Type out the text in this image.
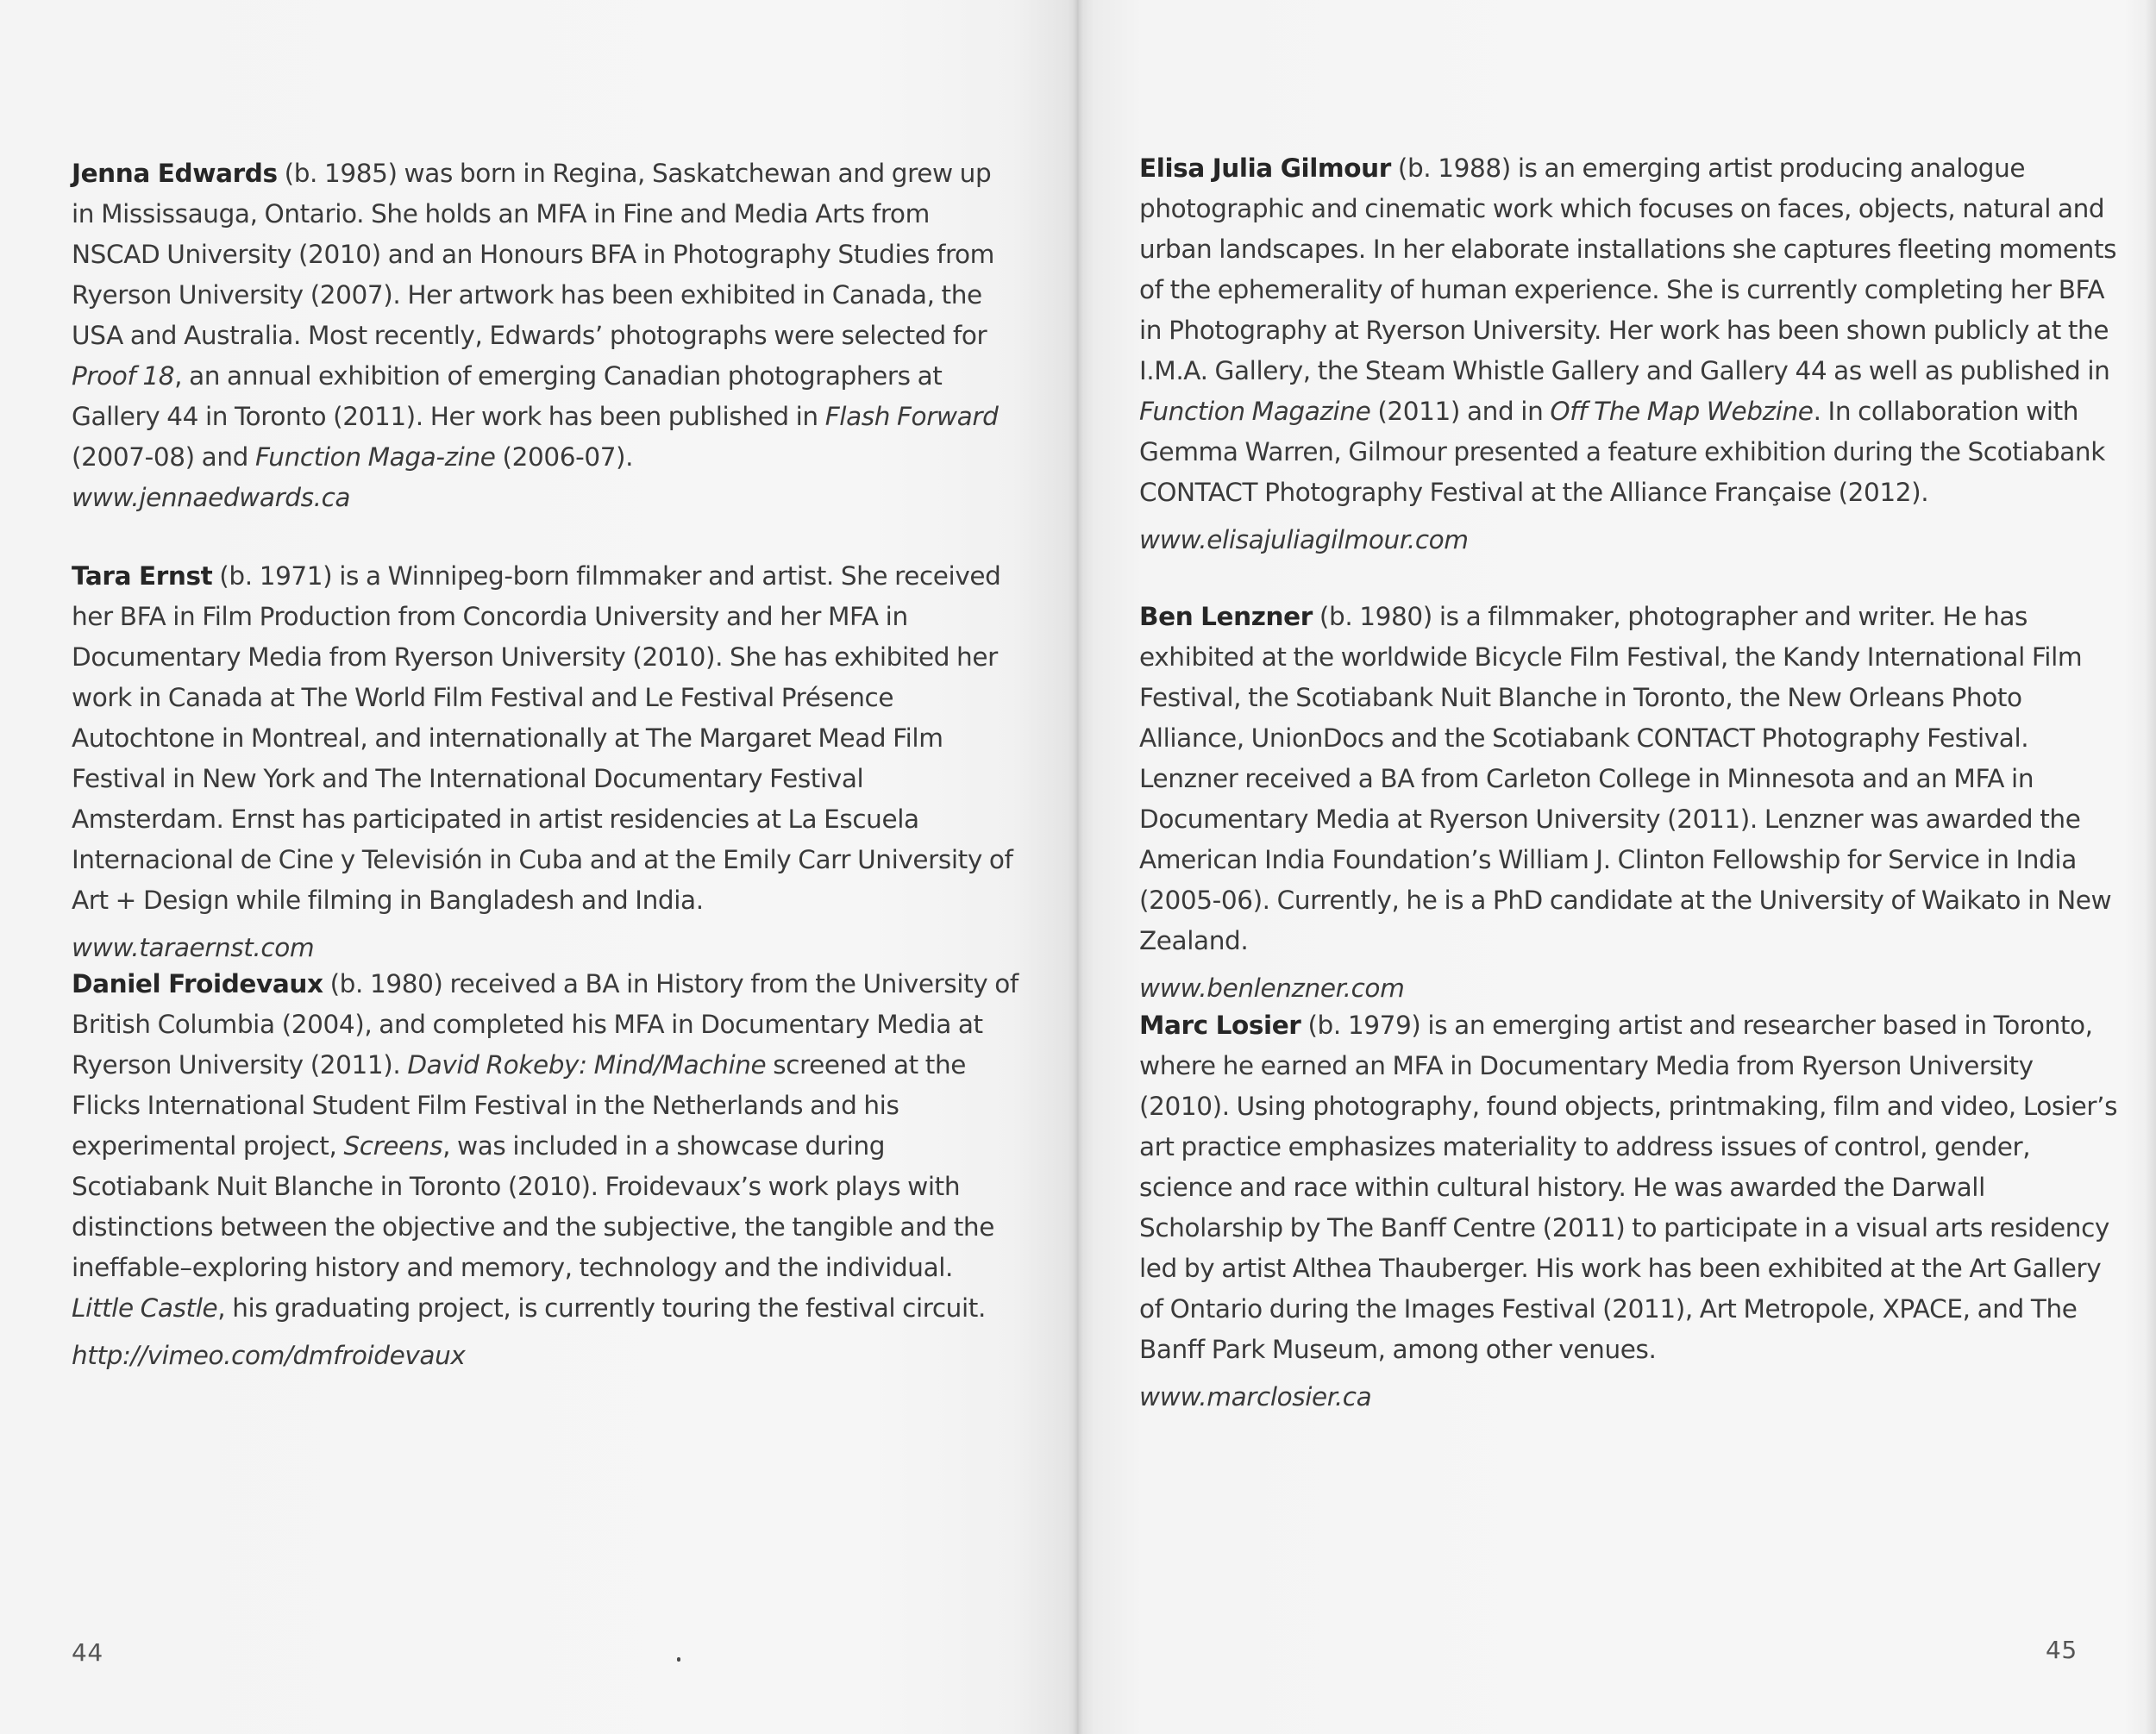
Jenna Edwards (b. 1985) was born in Regina, Saskatchewan and grew up in Mississauga, Ontario. She holds an MFA in Fine and Media Arts from NSCAD University (2010) and an Honours BFA in Photography Studies from Ryerson University (2007). Her artwork has been exhibited in Canada, the USA and Australia. Most recently, Edwards’ photographs were selected for Proof 18, an annual exhibition of emerging Canadian photographers at Gallery 44 in Toronto (2011). Her work has been published in Flash Forward (2007-08) and Function Maga-zine (2006-07).

www.jennaedwards.ca

Tara Ernst (b. 1971) is a Winnipeg-born filmmaker and artist. She received her BFA in Film Production from Concordia University and her MFA in Documentary Media from Ryerson University (2010). She has exhibited her work in Canada at The World Film Festival and Le Festival Présence Autochtone in Montreal, and internationally at The Margaret Mead Film Festival in New York and The International Documentary Festival Amsterdam. Ernst has participated in artist residencies at La Escuela Internacional de Cine y Televisión in Cuba and at the Emily Carr University of Art + Design while filming in Bangladesh and India.

www.taraernst.com

Daniel Froidevaux (b. 1980) received a BA in History from the University of British Columbia (2004), and completed his MFA in Documentary Media at Ryerson University (2011). David Rokeby: Mind/Machine screened at the Flicks International Student Film Festival in the Netherlands and his experimental project, Screens, was included in a showcase during Scotiabank Nuit Blanche in Toronto (2010). Froidevaux’s work plays with distinctions between the objective and the subjective, the tangible and the ineffable–exploring history and memory, technology and the individual. Little Castle, his graduating project, is currently touring the festival circuit.

http://vimeo.com/dmfroidevaux

44

Elisa Julia Gilmour (b. 1988) is an emerging artist producing analogue photographic and cinematic work which focuses on faces, objects, natural and urban landscapes. In her elaborate installations she captures fleeting moments of the ephemerality of human experience. She is currently completing her BFA in Photography at Ryerson University. Her work has been shown publicly at the I.M.A. Gallery, the Steam Whistle Gallery and Gallery 44 as well as published in Function Magazine (2011) and in Off The Map Webzine. In collaboration with Gemma Warren, Gilmour presented a feature exhibition during the Scotiabank CONTACT Photography Festival at the Alliance Française (2012).

www.elisajuliagilmour.com

Ben Lenzner (b. 1980) is a filmmaker, photographer and writer. He has exhibited at the worldwide Bicycle Film Festival, the Kandy International Film Festival, the Scotiabank Nuit Blanche in Toronto, the New Orleans Photo Alliance, UnionDocs and the Scotiabank CONTACT Photography Festival. Lenzner received a BA from Carleton College in Minnesota and an MFA in Documentary Media at Ryerson University (2011). Lenzner was awarded the American India Foundation’s William J. Clinton Fellowship for Service in India (2005-06). Currently, he is a PhD candidate at the University of Waikato in New Zealand.

www.benlenzner.com

Marc Losier (b. 1979) is an emerging artist and researcher based in Toronto, where he earned an MFA in Documentary Media from Ryerson University (2010). Using photography, found objects, printmaking, film and video, Losier’s art practice emphasizes materiality to address issues of control, gender, science and race within cultural history. He was awarded the Darwall Scholarship by The Banff Centre (2011) to participate in a visual arts residency led by artist Althea Thauberger. His work has been exhibited at the Art Gallery of Ontario during the Images Festival (2011), Art Metropole, XPACE, and The Banff Park Museum, among other venues.

www.marclosier.ca

45
